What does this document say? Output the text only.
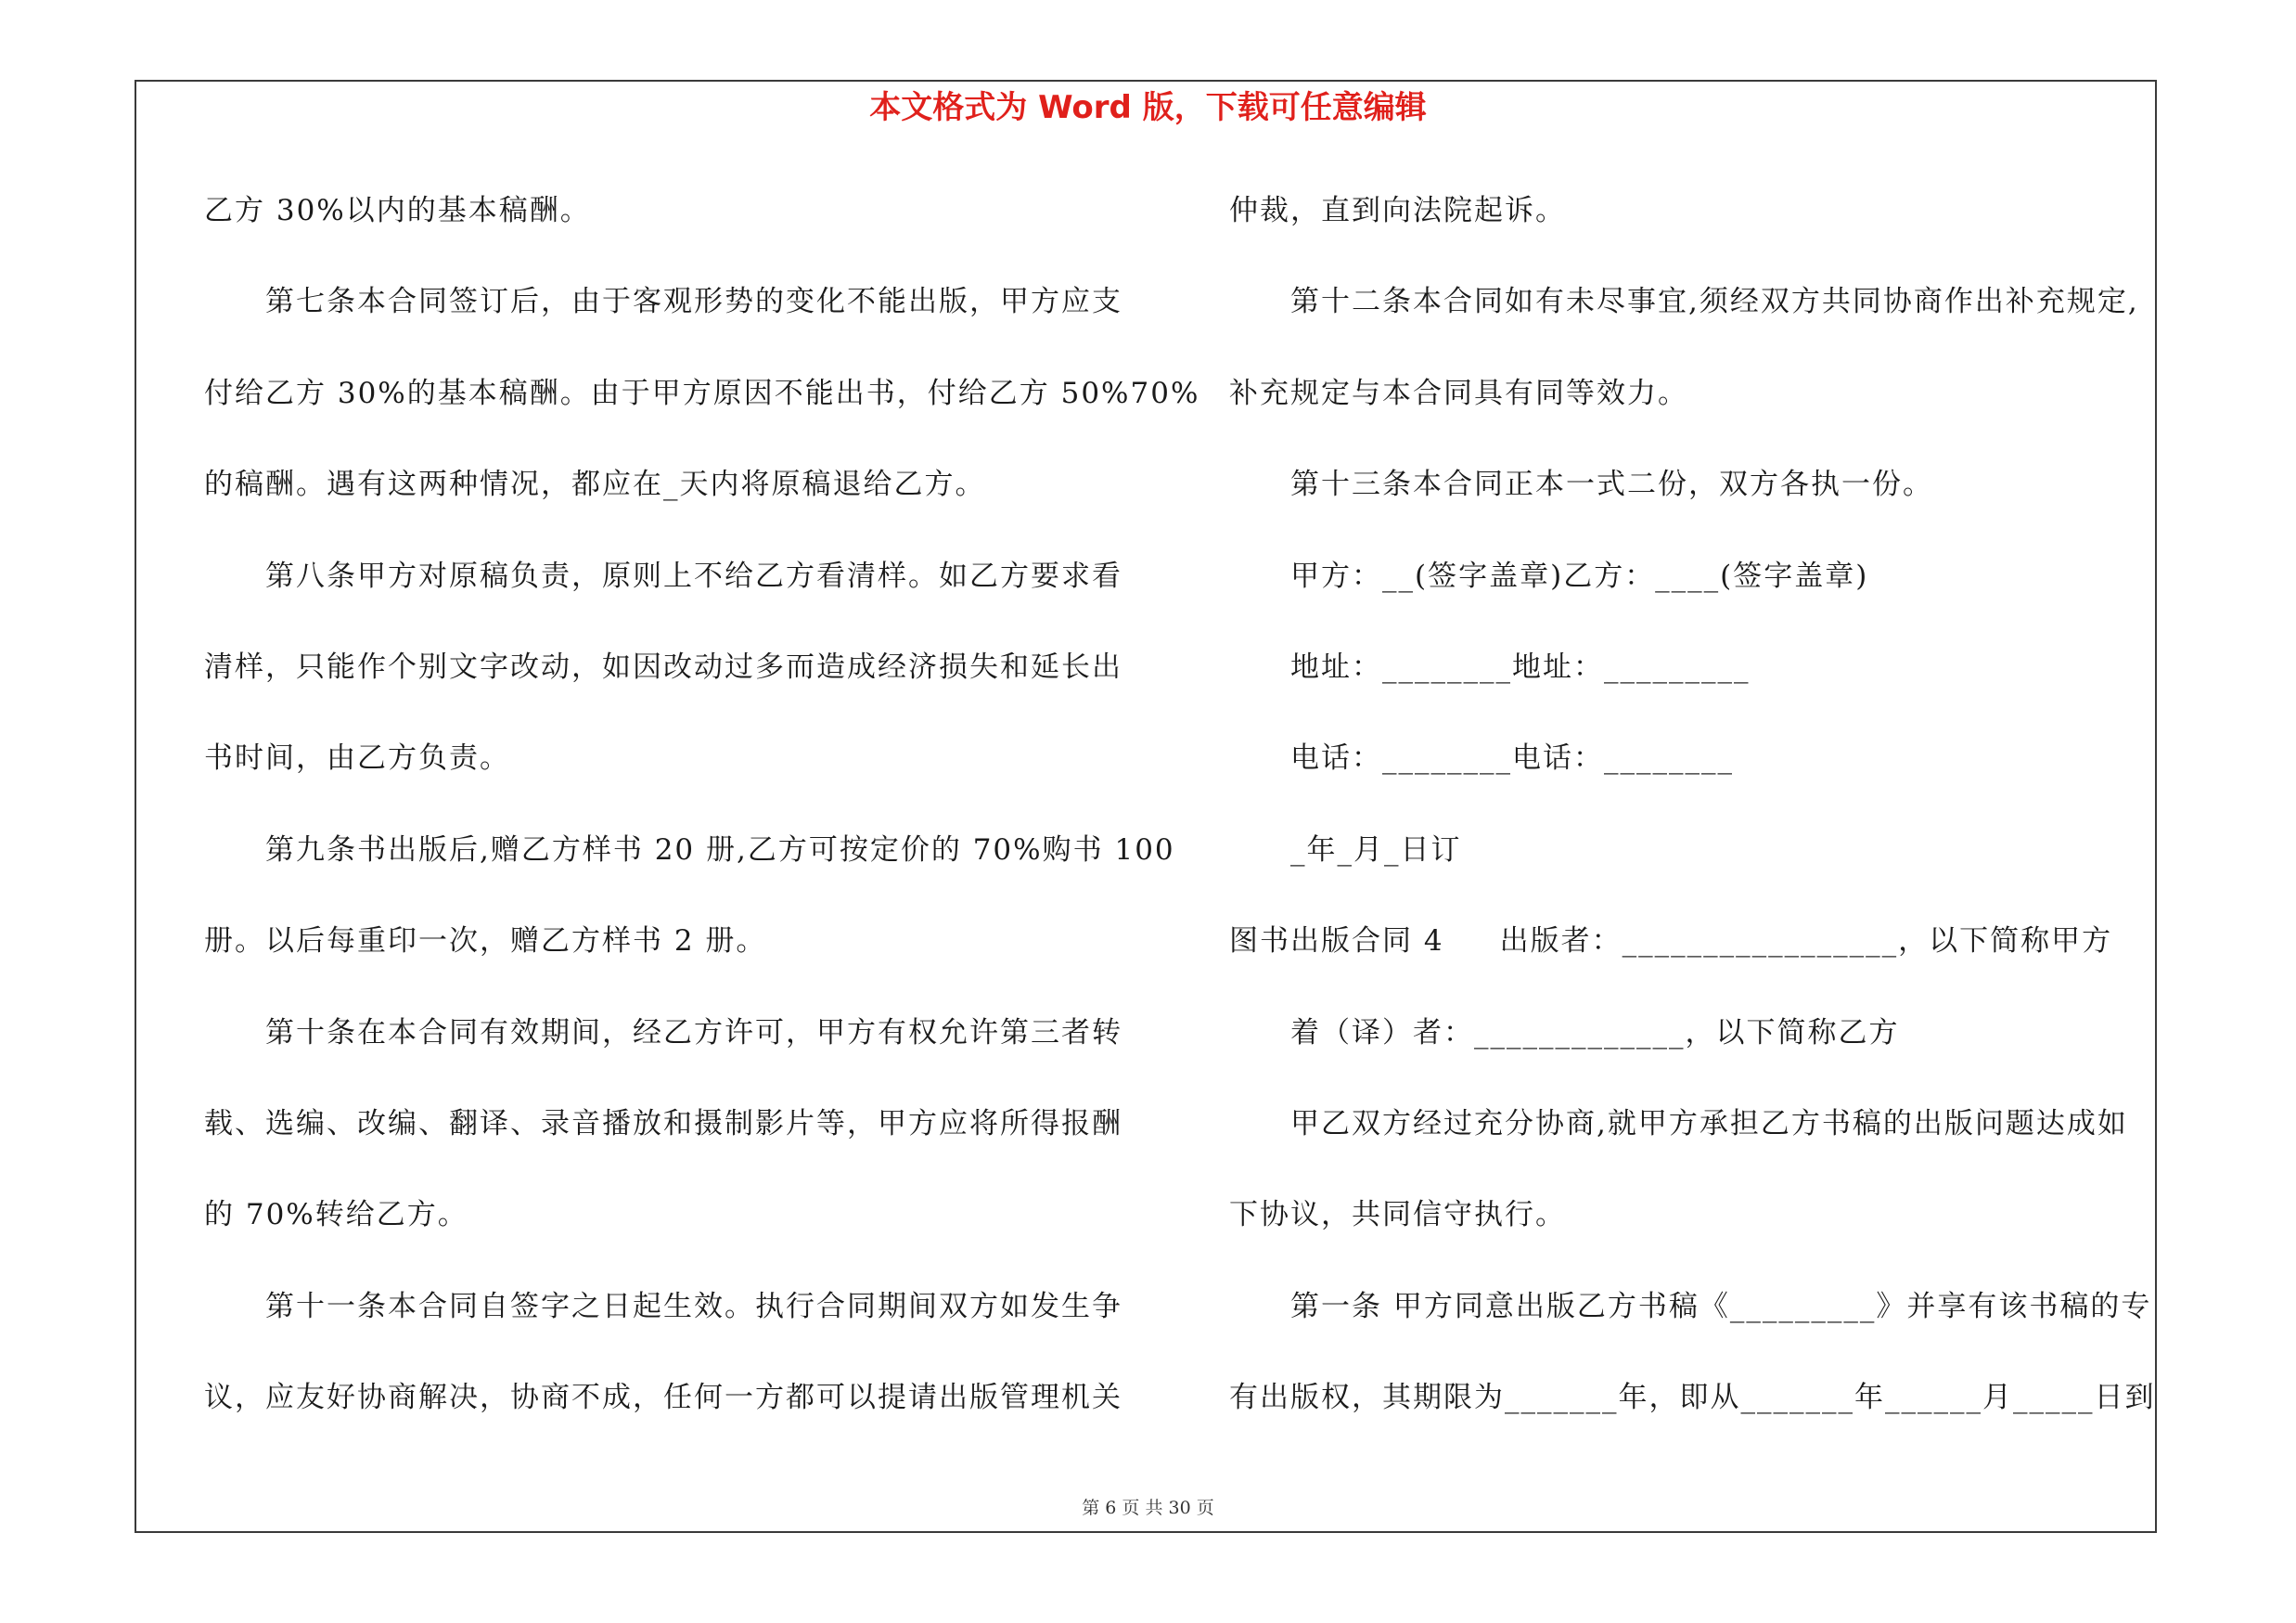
本文格式为 Word 版，下载可任意编辑
乙方 30%以内的基本稿酬。
第七条本合同签订后，由于客观形势的变化不能出版，甲方应支
付给乙方 30%的基本稿酬。由于甲方原因不能出书，付给乙方 50%70%
的稿酬。遇有这两种情况，都应在_天内将原稿退给乙方。
第八条甲方对原稿负责，原则上不给乙方看清样。如乙方要求看
清样，只能作个别文字改动，如因改动过多而造成经济损失和延长出
书时间，由乙方负责。
第九条书出版后,赠乙方样书 20 册,乙方可按定价的 70%购书 100
册。以后每重印一次，赠乙方样书 2 册。
第十条在本合同有效期间，经乙方许可，甲方有权允许第三者转
载、选编、改编、翻译、录音播放和摄制影片等，甲方应将所得报酬
的 70%转给乙方。
第十一条本合同自签字之日起生效。执行合同期间双方如发生争
议，应友好协商解决，协商不成，任何一方都可以提请出版管理机关
仲裁，直到向法院起诉。
第十二条本合同如有未尽事宜,须经双方共同协商作出补充规定,
补充规定与本合同具有同等效力。
第十三条本合同正本一式二份，双方各执一份。
甲方：__(签字盖章)乙方：____(签字盖章)
地址：________地址：_________
电话：________电话：________
_年_月_日订
图书出版合同 4 出版者：_________________，以下简称甲方
着（译）者：_____________，以下简称乙方
甲乙双方经过充分协商,就甲方承担乙方书稿的出版问题达成如
下协议，共同信守执行。
第一条 甲方同意出版乙方书稿《_________》并享有该书稿的专
有出版权，其期限为_______年，即从_______年______月_____日到
第 6 页 共 30 页
